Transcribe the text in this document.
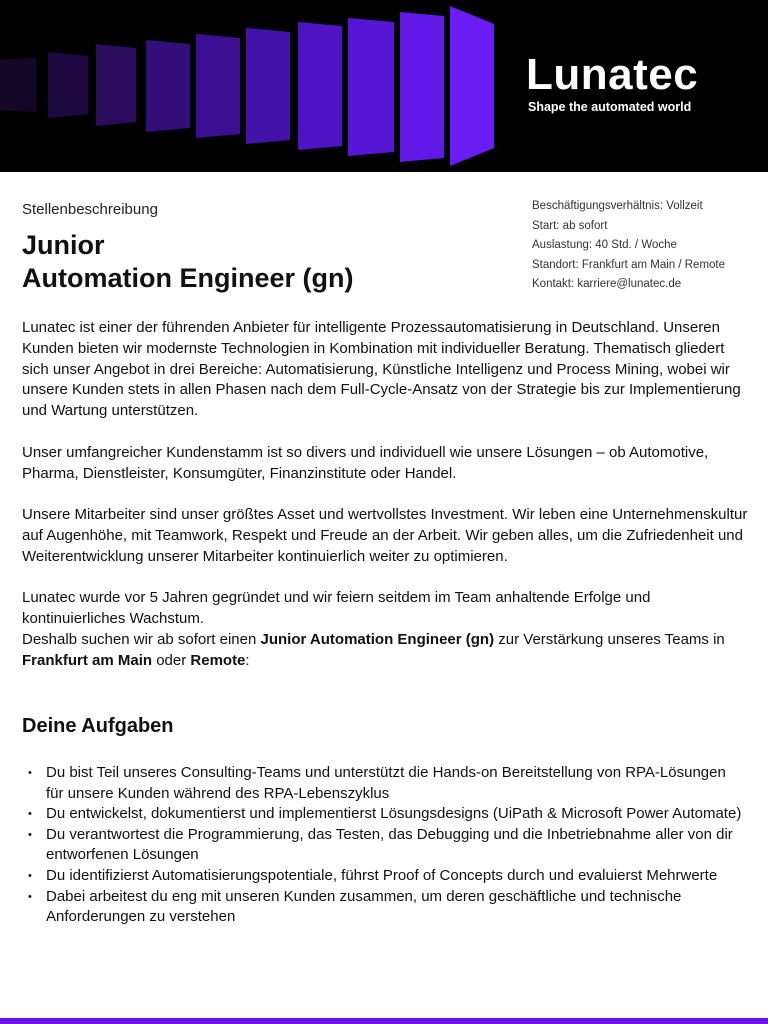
Lunatec
Shape the automated world
Stellenbeschreibung
Junior
Automation Engineer (gn)
Beschäftigungsverhältnis: Vollzeit
Start: ab sofort
Auslastung: 40 Std. / Woche
Standort: Frankfurt am Main / Remote
Kontakt: karriere@lunatec.de

Lunatec ist einer der führenden Anbieter für intelligente Prozessautomatisierung in Deutschland. Unseren Kunden bieten wir modernste Technologien in Kombination mit individueller Beratung. Thematisch gliedert sich unser Angebot in drei Bereiche: Automatisierung, Künstliche Intelligenz und Process Mining, wobei wir unsere Kunden stets in allen Phasen nach dem Full-Cycle-Ansatz von der Strategie bis zur Implementierung und Wartung unterstützen.

Unser umfangreicher Kundenstamm ist so divers und individuell wie unsere Lösungen – ob Automotive, Pharma, Dienstleister, Konsumgüter, Finanzinstitute oder Handel.

Unsere Mitarbeiter sind unser größtes Asset und wertvollstes Investment. Wir leben eine Unternehmenskultur auf Augenhöhe, mit Teamwork, Respekt und Freude an der Arbeit. Wir geben alles, um die Zufriedenheit und Weiterentwicklung unserer Mitarbeiter kontinuierlich weiter zu optimieren.

Lunatec wurde vor 5 Jahren gegründet und wir feiern seitdem im Team anhaltende Erfolge und kontinuierliches Wachstum.

Deshalb suchen wir ab sofort einen Junior Automation Engineer (gn) zur Verstärkung unseres Teams in Frankfurt am Main oder Remote:

Deine Aufgaben
• Du bist Teil unseres Consulting-Teams und unterstützt die Hands-on Bereitstellung von RPA-Lösungen für unsere Kunden während des RPA-Lebenszyklus
• Du entwickelst, dokumentierst und implementierst Lösungsdesigns (UiPath & Microsoft Power Automate)
• Du verantwortest die Programmierung, das Testen, das Debugging und die Inbetriebnahme aller von dir entworfenen Lösungen
• Du identifizierst Automatisierungspotentiale, führst Proof of Concepts durch und evaluierst Mehrwerte
• Dabei arbeitest du eng mit unseren Kunden zusammen, um deren geschäftliche und technische Anforderungen zu verstehen
